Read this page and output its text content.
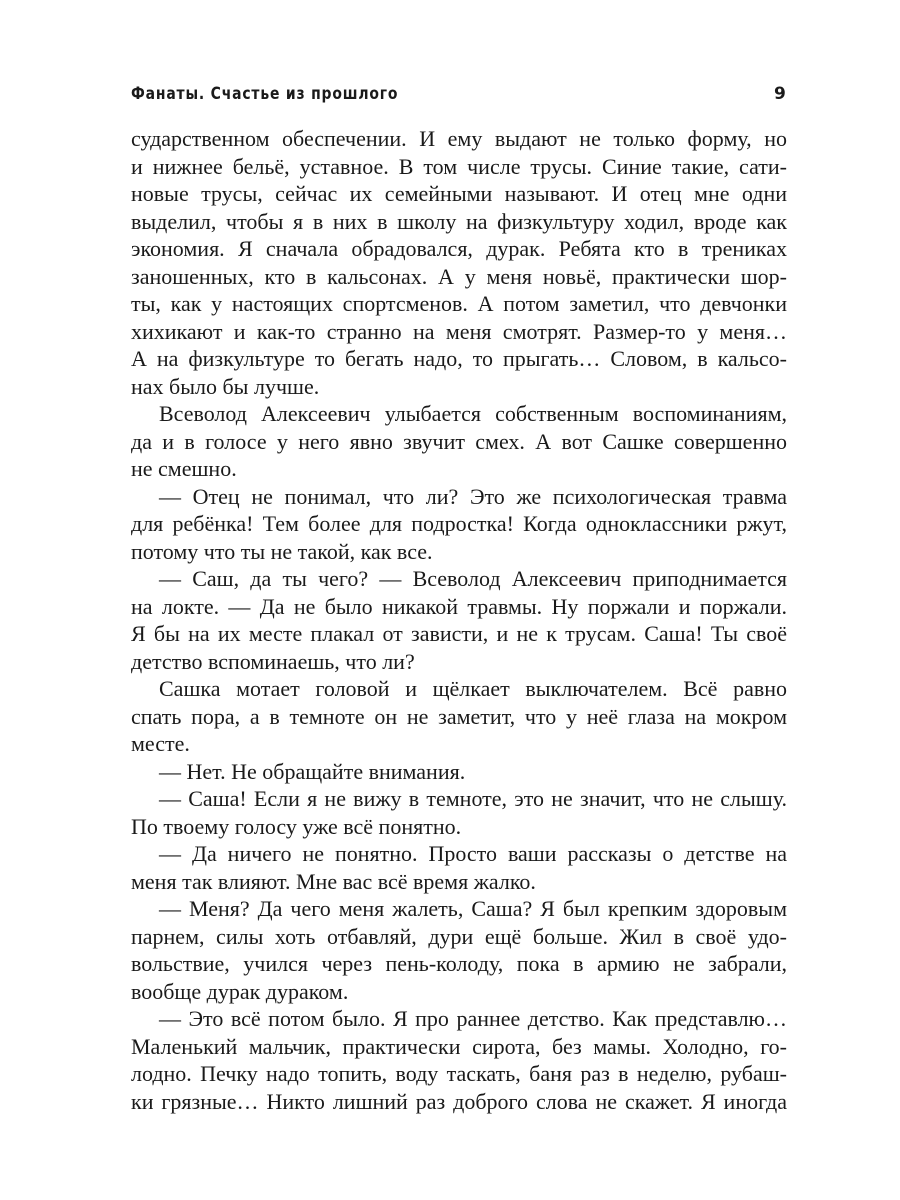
Фанаты. Счастье из прошлого	9
сударственном обеспечении. И ему выдают не только форму, но
и нижнее бельё, уставное. В том числе трусы. Синие такие, сати-
новые трусы, сейчас их семейными называют. И отец мне одни
выделил, чтобы я в них в школу на физкультуру ходил, вроде как
экономия. Я сначала обрадовался, дурак. Ребята кто в трениках
заношенных, кто в кальсонах. А у меня новьё, практически шор-
ты, как у настоящих спортсменов. А потом заметил, что девчонки
хихикают и как-то странно на меня смотрят. Размер-то у меня…
А на физкультуре то бегать надо, то прыгать… Словом, в кальсо-
нах было бы лучше.
Всеволод Алексеевич улыбается собственным воспоминаниям,
да и в голосе у него явно звучит смех. А вот Сашке совершенно
не смешно.
— Отец не понимал, что ли? Это же психологическая травма
для ребёнка! Тем более для подростка! Когда одноклассники ржут,
потому что ты не такой, как все.
— Саш, да ты чего? — Всеволод Алексеевич приподнимается
на локте. — Да не было никакой травмы. Ну поржали и поржали.
Я бы на их месте плакал от зависти, и не к трусам. Саша! Ты своё
детство вспоминаешь, что ли?
Сашка мотает головой и щёлкает выключателем. Всё равно
спать пора, а в темноте он не заметит, что у неё глаза на мокром
месте.
— Нет. Не обращайте внимания.
— Саша! Если я не вижу в темноте, это не значит, что не слышу.
По твоему голосу уже всё понятно.
— Да ничего не понятно. Просто ваши рассказы о детстве на
меня так влияют. Мне вас всё время жалко.
— Меня? Да чего меня жалеть, Саша? Я был крепким здоровым
парнем, силы хоть отбавляй, дури ещё больше. Жил в своё удо-
вольствие, учился через пень-колоду, пока в армию не забрали,
вообще дурак дураком.
— Это всё потом было. Я про раннее детство. Как представлю…
Маленький мальчик, практически сирота, без мамы. Холодно, го-
лодно. Печку надо топить, воду таскать, баня раз в неделю, рубаш-
ки грязные… Никто лишний раз доброго слова не скажет. Я иногда
